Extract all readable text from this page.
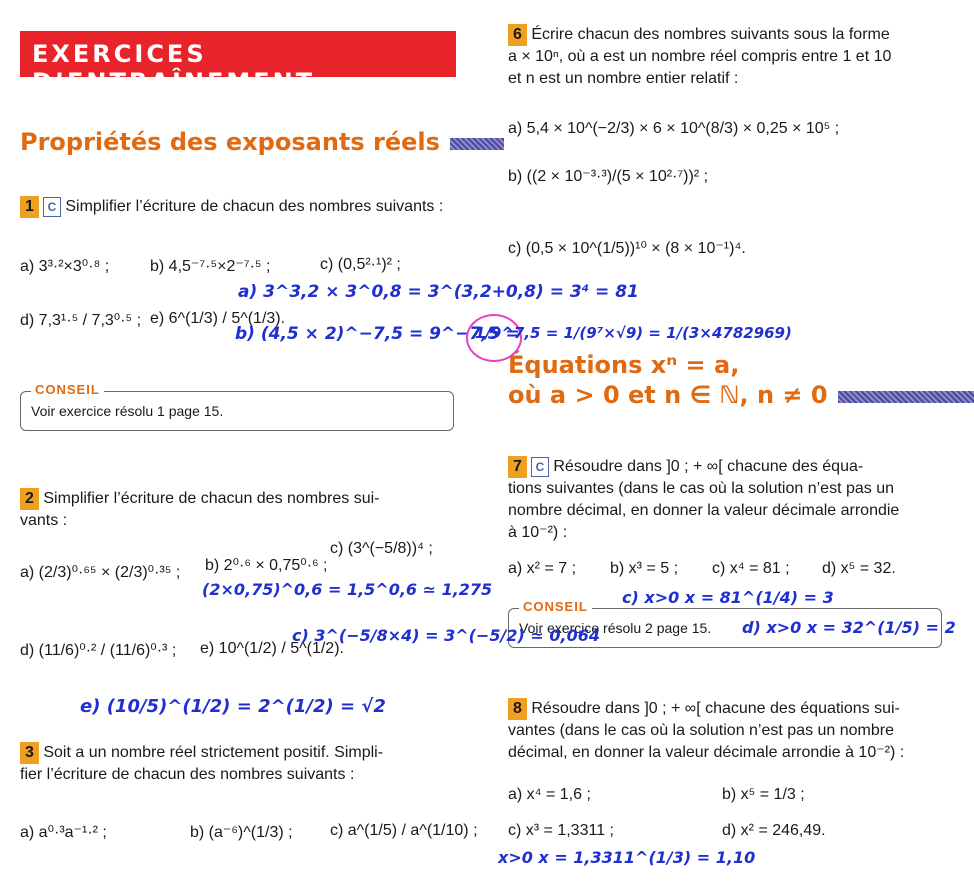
EXERCICES D’ENTRAÎNEMENT
Propriétés des exposants réels
1 C Simplifier l’écriture de chacun des nombres suivants :
a) 3³·²×3⁰·⁸ ;	b) 4,5⁻⁷·⁵×2⁻⁷·⁵ ;	c) (0,5²·¹)² ;
d) 7,3¹·⁵ / 7,3⁰·⁵ ; e) 6^(1/3) / 5^(1/3).
CONSEIL
Voir exercice résolu 1 page 15.
2 Simplifier l’écriture de chacun des nombres sui-
vants :
a) (2/3)⁰·⁶⁵ × (2/3)⁰·³⁵ ; b) 2⁰·⁶ × 0,75⁰·⁶ ;
c) (3^(−5/8))⁴ ;
d) (11/6)⁰·² / (11/6)⁰·³ ; e) 10^(1/2) / 5^(1/2).
3 Soit a un nombre réel strictement positif. Simpli-
fier l’écriture de chacun des nombres suivants :
a) a⁰·³a⁻¹·² ;	b) (a⁻⁶)^(1/3) ; c) a^(1/5) / a^(1/10) ;
6 Écrire chacun des nombres suivants sous la forme
a × 10ⁿ, où a est un nombre réel compris entre 1 et 10
et n est un nombre entier relatif :
a) 5,4 × 10^(−2/3) × 6 × 10^(8/3) × 0,25 × 10⁵ ;
b) ((2 × 10⁻³·³)/(5 × 10²·⁷))² ;
c) (0,5 × 10^(1/5))¹⁰ × (8 × 10⁻¹)⁴.
Équations xⁿ = a,
où a > 0 et n ∈ ℕ, n ≠ 0
7 C Résoudre dans ]0 ; + ∞[ chacune des équa-
tions suivantes (dans le cas où la solution n’est pas un
nombre décimal, en donner la valeur décimale arrondie
à 10⁻²) :
a) x² = 7 ; b) x³ = 5 ; c) x⁴ = 81 ; d) x⁵ = 32.
CONSEIL
Voir exercice résolu 2 page 15.
8 Résoudre dans ]0 ; + ∞[ chacune des équations sui-
vantes (dans le cas où la solution n’est pas un nombre
décimal, en donner la valeur décimale arrondie à 10⁻²) :
a) x⁴ = 1,6 ;	b) x⁵ = 1/3 ;
c) x³ = 1,3311 ;	d) x² = 246,49.
a) 3^3,2 × 3^0,8 = 3^(3,2+0,8) = 3⁴ = 81
b) (4,5 × 2)^−7,5 = 9^−7,5 =
1/9^7,5 = 1/(9⁷×√9) = 1/(3×4782969)
(2×0,75)^0,6 = 1,5^0,6 ≃ 1,275
c) 3^(−5/8×4) = 3^(−5/2) ≃ 0,064
e) (10/5)^(1/2) = 2^(1/2) = √2
c) x>0 x = 81^(1/4) = 3
d) x>0 x = 32^(1/5) = 2
x>0 x = 1,3311^(1/3) = 1,10
